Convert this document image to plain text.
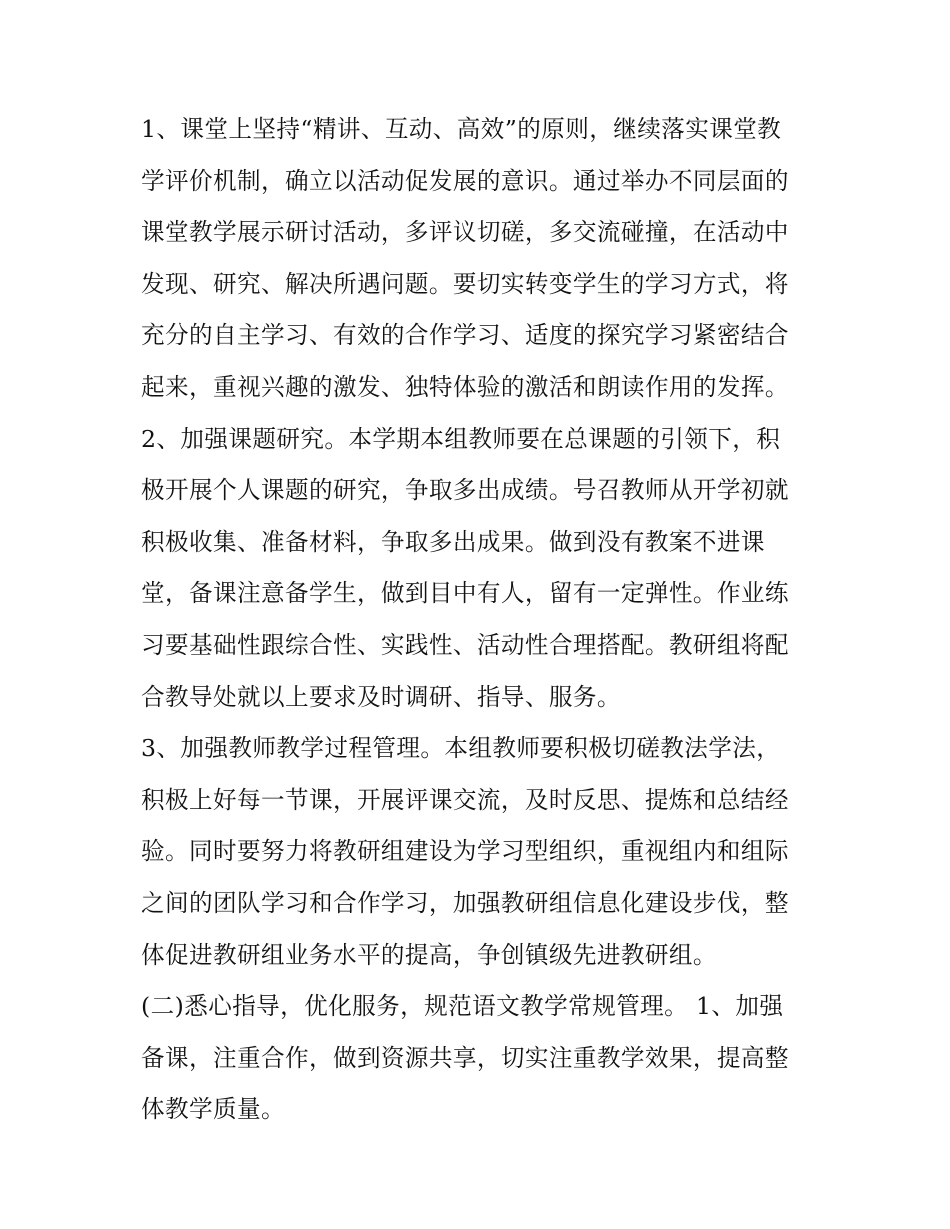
1、课堂上坚持“精讲、互动、高效”的原则，继续落实课堂教
学评价机制，确立以活动促发展的意识。通过举办不同层面的
课堂教学展示研讨活动，多评议切磋，多交流碰撞，在活动中
发现、研究、解决所遇问题。要切实转变学生的学习方式，将
充分的自主学习、有效的合作学习、适度的探究学习紧密结合
起来，重视兴趣的激发、独特体验的激活和朗读作用的发挥。
2、加强课题研究。本学期本组教师要在总课题的引领下，积
极开展个人课题的研究，争取多出成绩。号召教师从开学初就
积极收集、准备材料，争取多出成果。做到没有教案不进课
堂，备课注意备学生，做到目中有人，留有一定弹性。作业练
习要基础性跟综合性、实践性、活动性合理搭配。教研组将配
合教导处就以上要求及时调研、指导、服务。
3、加强教师教学过程管理。本组教师要积极切磋教法学法，
积极上好每一节课，开展评课交流，及时反思、提炼和总结经
验。同时要努力将教研组建设为学习型组织，重视组内和组际
之间的团队学习和合作学习，加强教研组信息化建设步伐，整
体促进教研组业务水平的提高，争创镇级先进教研组。
(二)悉心指导，优化服务，规范语文教学常规管理。 1、加强
备课，注重合作，做到资源共享，切实注重教学效果，提高整
体教学质量。
